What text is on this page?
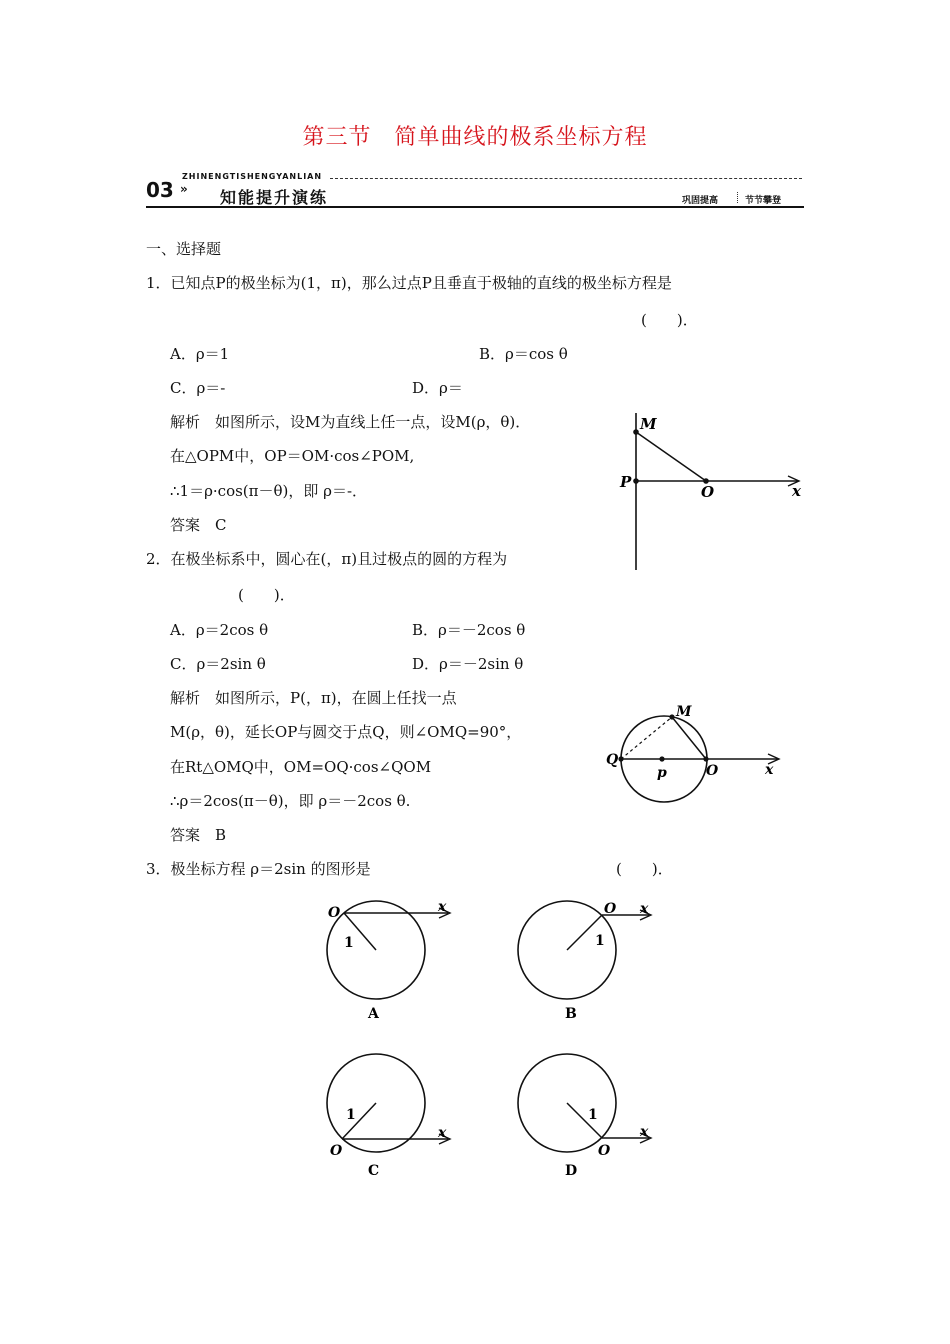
第三节　简单曲线的极系坐标方程
ZHINENGTISHENGYANLIAN
03 » 知能提升演练	巩固提高	节节攀登
一、选择题
1．已知点P的极坐标为(1，π)，那么过点P且垂直于极轴的直线的极坐标方程是
(　　)．
A．ρ＝1	B．ρ＝cos θ
C．ρ＝-	D．ρ＝
解析　如图所示，设M为直线上任一点，设M(ρ，θ)．
在△OPM中，OP＝OM·cos∠POM,
∴1＝ρ·cos(π－θ)，即 ρ＝-．
答案　C
M
P
O	x
2．在极坐标系中，圆心在(，π)且过极点的圆的方程为
(　　)．
A．ρ＝2cos θ	B．ρ＝－2cos θ
C．ρ＝2sin θ	D．ρ＝－2sin θ
解析　如图所示，P(，π)，在圆上任找一点
M(ρ，θ)，延长OP与圆交于点Q，则∠OMQ=90°，
在Rt△OMQ中，OM=OQ·cos∠QOM
∴ρ＝2cos(π－θ)，即 ρ＝－2cos θ.
答案　B
M
Q
p	O	x
3．极坐标方程 ρ＝2sin 的图形是	(　　)．
O	x
1
A
O x
1
B
O
x
1
C
O
x
1
D
